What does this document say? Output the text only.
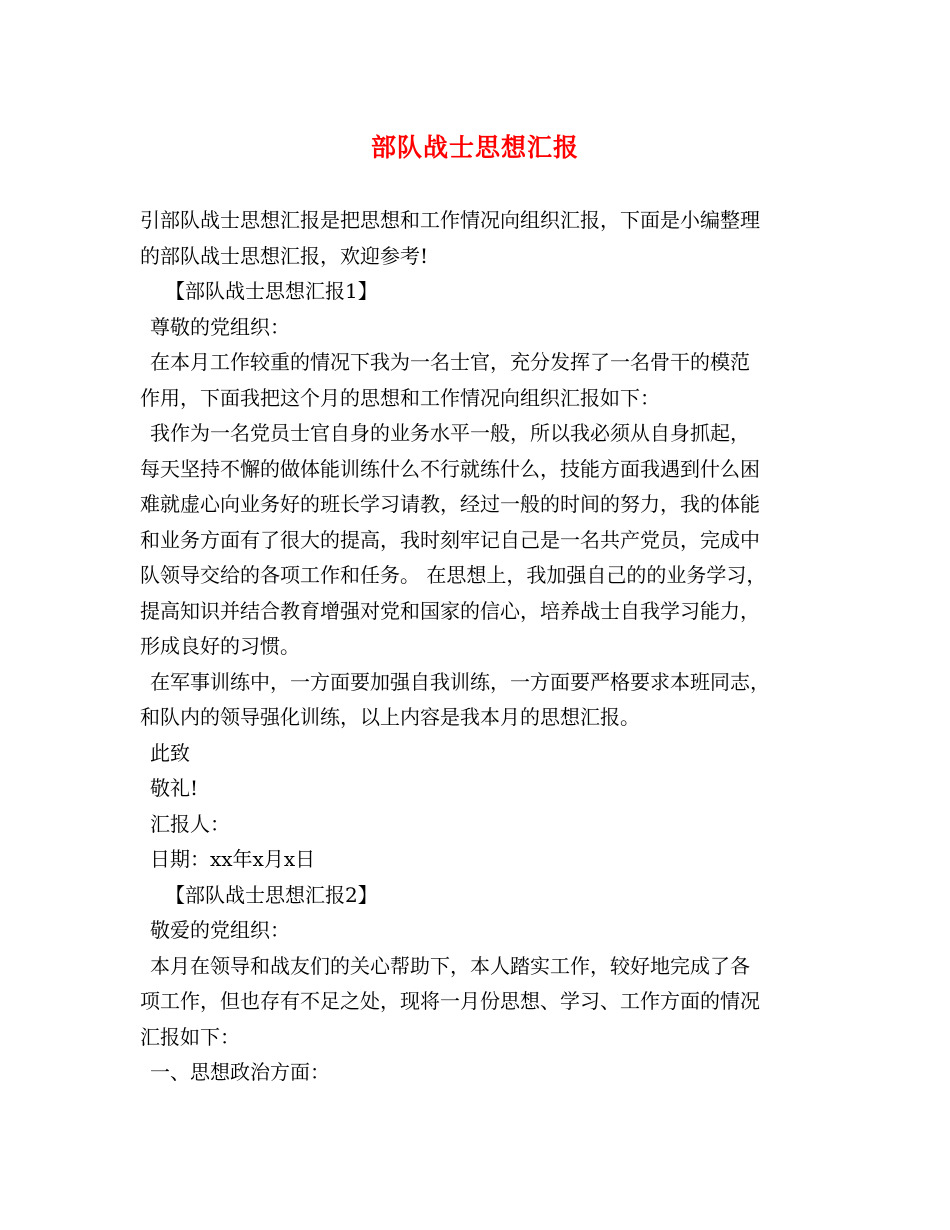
部队战士思想汇报
引部队战士思想汇报是把思想和工作情况向组织汇报，下面是小编整理
的部队战士思想汇报，欢迎参考!
【部队战士思想汇报1】
尊敬的党组织：
在本月工作较重的情况下我为一名士官，充分发挥了一名骨干的模范
作用，下面我把这个月的思想和工作情况向组织汇报如下：
我作为一名党员士官自身的业务水平一般，所以我必须从自身抓起，
每天坚持不懈的做体能训练什么不行就练什么，技能方面我遇到什么困
难就虚心向业务好的班长学习请教，经过一般的时间的努力，我的体能
和业务方面有了很大的提高，我时刻牢记自己是一名共产党员，完成中
队领导交给的各项工作和任务。 在思想上，我加强自己的的业务学习，
提高知识并结合教育增强对党和国家的信心，培养战士自我学习能力，
形成良好的习惯。
在军事训练中，一方面要加强自我训练，一方面要严格要求本班同志，
和队内的领导强化训练，以上内容是我本月的思想汇报。
此致
敬礼!
汇报人：
日期：xx年x月x日
【部队战士思想汇报2】
敬爱的党组织：
本月在领导和战友们的关心帮助下，本人踏实工作，较好地完成了各
项工作，但也存有不足之处，现将一月份思想、学习、工作方面的情况
汇报如下：
一、思想政治方面：
